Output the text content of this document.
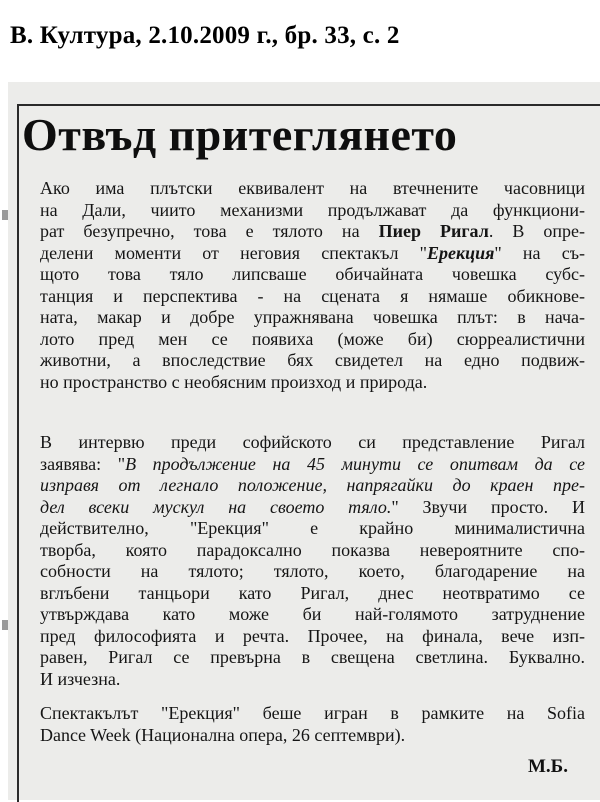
В. Култура, 2.10.2009 г., бр. 33, с. 2
Отвъд притеглянето
Ако има плътски еквивалент на втечнените часовници
на Дали, чиито механизми продължават да функциони-
рат безупречно, това е тялото на Пиер Ригал. В опре-
делени моменти от неговия спектакъл "Ерекция" на съ-
щото това тяло липсваше обичайната човешка субс-
танция и перспектива - на сцената я нямаше обикнове-
ната, макар и добре упражнявана човешка плът: в нача-
лото пред мен се появиха (може би) сюрреалистични
животни, а впоследствие бях свидетел на едно подвиж-
но пространство с необясним произход и природа.
В интервю преди софийското си представление Ригал
заявява: "В продължение на 45 минути се опитвам да се
изправя от легнало положение, напрягайки до краен пре-
дел всеки мускул на своето тяло." Звучи просто. И
действително, "Ерекция" е крайно минималистична
творба, която парадоксално показва невероятните спо-
собности на тялото; тялото, което, благодарение на
вглъбени танцьори като Ригал, днес неотвратимо се
утвърждава като може би най-голямото затруднение
пред философията и речта. Прочее, на финала, вече изп-
равен, Ригал се превърна в свещена светлина. Буквално.
И изчезна.
Спектакълът "Ерекция" беше игран в рамките на Sofia
Dance Week (Национална опера, 26 септември).
М.Б.
